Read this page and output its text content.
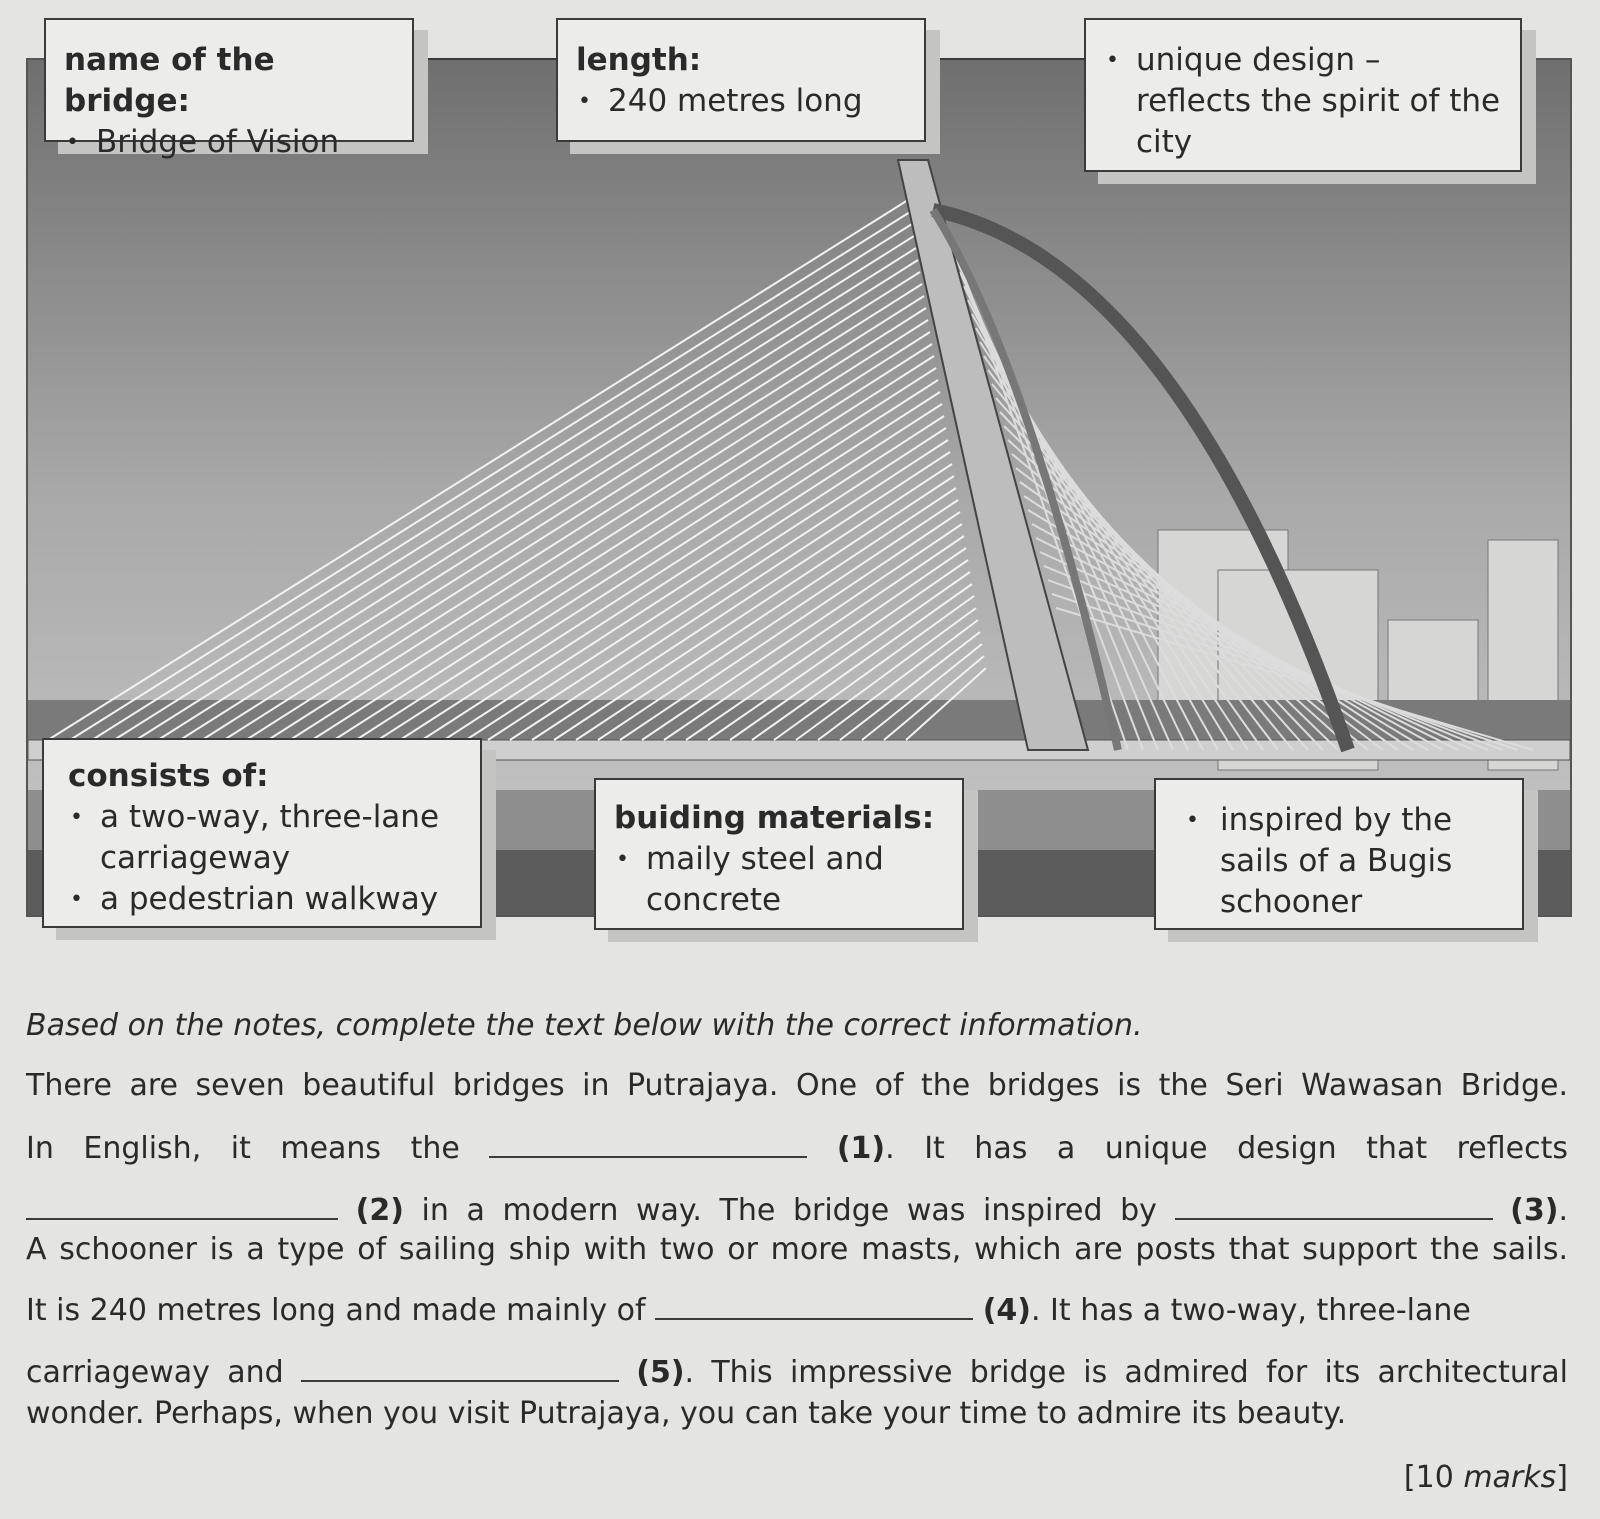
name of the bridge:
• Bridge of Vision
length:
• 240 metres long
• unique design – reflects the spirit of the city
consists of:
• a two-way, three-lane carriageway
• a pedestrian walkway
buiding materials:
• maily steel and concrete
• inspired by the sails of a Bugis schooner
Based on the notes, complete the text below with the correct information.
There are seven beautiful bridges in Putrajaya. One of the bridges is the Seri Wawasan Bridge.
In English, it means the	(1). It has a unique design that reflects
(2) in a modern way. The bridge was inspired by	(3).
A schooner is a type of sailing ship with two or more masts, which are posts that support the sails.
It is 240 metres long and made mainly of	(4). It has a two-way, three-lane
carriageway and	(5). This impressive bridge is admired for its architectural
wonder. Perhaps, when you visit Putrajaya, you can take your time to admire its beauty.
[10 marks]
